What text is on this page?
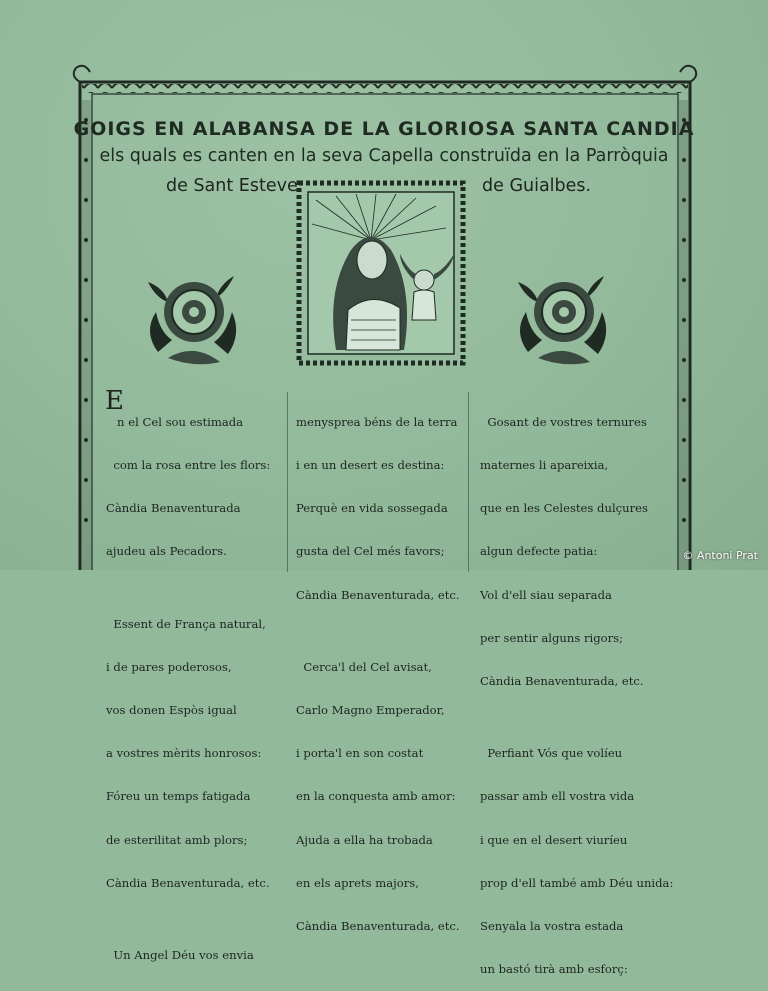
GOIGS EN ALABANSA DE LA GLORIOSA SANTA CANDIA
els quals es canten en la seva Capella construïda en la Parròquia
de Sant Esteve	de Guialbes.
E

n el Cel sou estimada

com la rosa entre les flors:

Càndia Benaventurada

ajudeu als Pecadors.

Essent de França natural,

i de pares poderosos,

vos donen Espòs igual

a vostres mèrits honrosos:

Fóreu un temps fatigada

de esterilitat amb plors;

Càndia Benaventurada, etc.

Un Angel Déu vos envia

menysprea béns de la terra

i en un desert es destina:

Perquè en vida sossegada

gusta del Cel més favors;

Càndia Benaventurada, etc.

Cerca'l del Cel avisat,

Carlo Magno Emperador,

i porta'l en son costat

en la conquesta amb amor:

Ajuda a ella ha trobada

en els aprets majors,

Càndia Benaventurada, etc.

Gosant de vostres ternures

maternes li apareixia,

que en les Celestes dulçures

algun defecte patia:

Vol d'ell siau separada

per sentir alguns rigors;

Càndia Benaventurada, etc.

Perfiant Vós que volíeu

passar amb ell vostra vida

i que en el desert viuríeu

prop d'ell també amb Déu unida:

Senyala la vostra estada

un bastó tirà amb esforç:

© Antoni Prat
